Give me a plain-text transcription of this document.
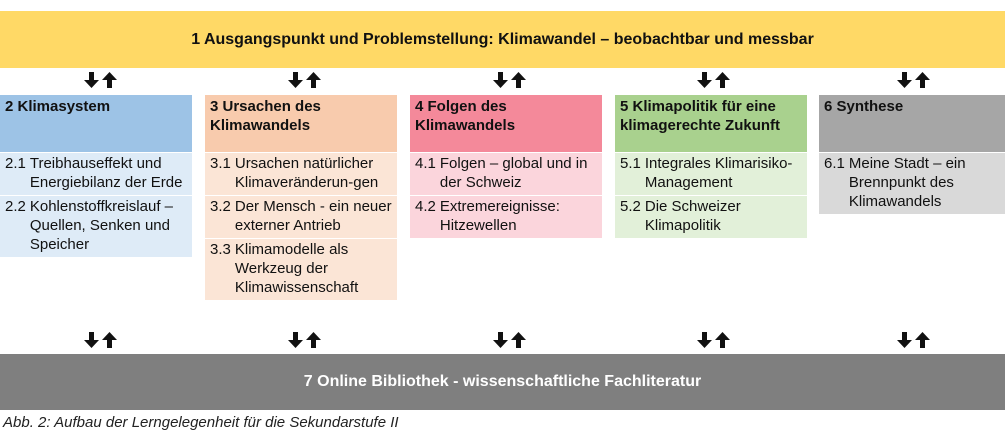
1 Ausgangspunkt und Problemstellung: Klimawandel – beobachtbar und messbar
2 Klimasystem
2.1 Treibhauseffekt und Energiebilanz der Erde
2.2 Kohlenstoffkreislauf – Quellen, Senken und Speicher
3 Ursachen des Klimawandels
3.1 Ursachen natürlicher Klimaveränderun-gen
3.2 Der Mensch - ein neuer externer Antrieb
3.3 Klimamodelle als Werkzeug der Klimawissenschaft
4 Folgen des Klimawandels
4.1 Folgen – global und in der Schweiz
4.2 Extremereignisse: Hitzewellen
5 Klimapolitik für eine klimagerechte Zukunft
5.1 Integrales Klimarisiko-Management
5.2 Die Schweizer Klimapolitik
6 Synthese
6.1 Meine Stadt – ein Brennpunkt des Klimawandels
7 Online Bibliothek - wissenschaftliche Fachliteratur
Abb. 2: Aufbau der Lerngelegenheit für die Sekundarstufe II
